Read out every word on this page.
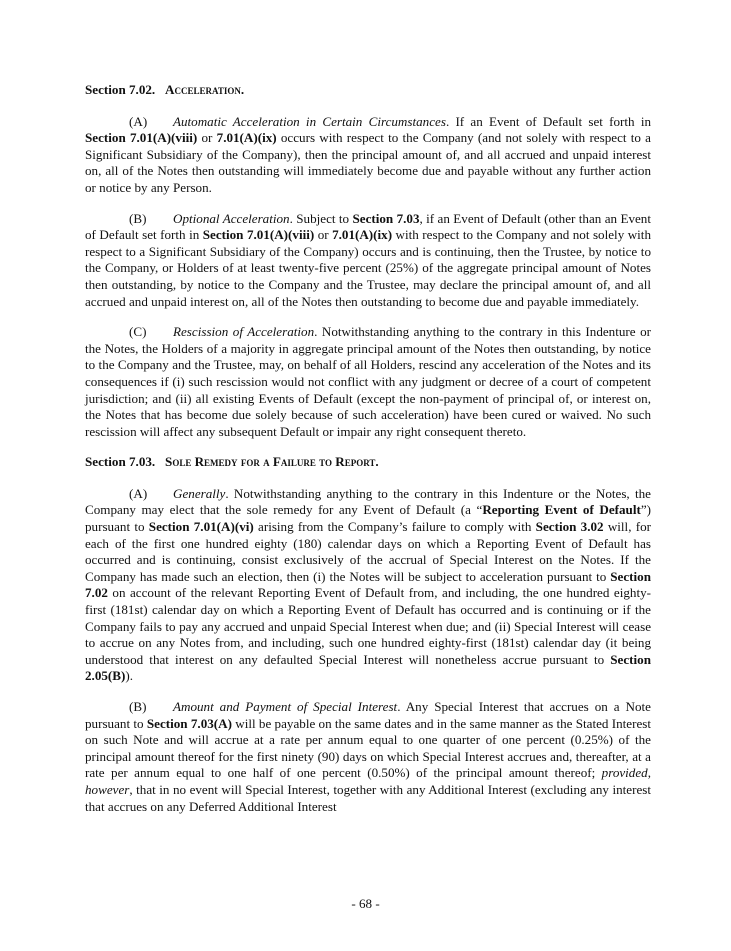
Section 7.02. Acceleration.

(A) Automatic Acceleration in Certain Circumstances. If an Event of Default set forth in Section 7.01(A)(viii) or 7.01(A)(ix) occurs with respect to the Company (and not solely with respect to a Significant Subsidiary of the Company), then the principal amount of, and all accrued and unpaid interest on, all of the Notes then outstanding will immediately become due and payable without any further action or notice by any Person.

(B) Optional Acceleration. Subject to Section 7.03, if an Event of Default (other than an Event of Default set forth in Section 7.01(A)(viii) or 7.01(A)(ix) with respect to the Company and not solely with respect to a Significant Subsidiary of the Company) occurs and is continuing, then the Trustee, by notice to the Company, or Holders of at least twenty-five percent (25%) of the aggregate principal amount of Notes then outstanding, by notice to the Company and the Trustee, may declare the principal amount of, and all accrued and unpaid interest on, all of the Notes then outstanding to become due and payable immediately.

(C) Rescission of Acceleration. Notwithstanding anything to the contrary in this Indenture or the Notes, the Holders of a majority in aggregate principal amount of the Notes then outstanding, by notice to the Company and the Trustee, may, on behalf of all Holders, rescind any acceleration of the Notes and its consequences if (i) such rescission would not conflict with any judgment or decree of a court of competent jurisdiction; and (ii) all existing Events of Default (except the non-payment of principal of, or interest on, the Notes that has become due solely because of such acceleration) have been cured or waived. No such rescission will affect any subsequent Default or impair any right consequent thereto.

Section 7.03. Sole Remedy for a Failure to Report.

(A) Generally. Notwithstanding anything to the contrary in this Indenture or the Notes, the Company may elect that the sole remedy for any Event of Default (a “Reporting Event of Default”) pursuant to Section 7.01(A)(vi) arising from the Company’s failure to comply with Section 3.02 will, for each of the first one hundred eighty (180) calendar days on which a Reporting Event of Default has occurred and is continuing, consist exclusively of the accrual of Special Interest on the Notes. If the Company has made such an election, then (i) the Notes will be subject to acceleration pursuant to Section 7.02 on account of the relevant Reporting Event of Default from, and including, the one hundred eighty-first (181st) calendar day on which a Reporting Event of Default has occurred and is continuing or if the Company fails to pay any accrued and unpaid Special Interest when due; and (ii) Special Interest will cease to accrue on any Notes from, and including, such one hundred eighty-first (181st) calendar day (it being understood that interest on any defaulted Special Interest will nonetheless accrue pursuant to Section 2.05(B)).

(B) Amount and Payment of Special Interest. Any Special Interest that accrues on a Note pursuant to Section 7.03(A) will be payable on the same dates and in the same manner as the Stated Interest on such Note and will accrue at a rate per annum equal to one quarter of one percent (0.25%) of the principal amount thereof for the first ninety (90) days on which Special Interest accrues and, thereafter, at a rate per annum equal to one half of one percent (0.50%) of the principal amount thereof; provided, however, that in no event will Special Interest, together with any Additional Interest (excluding any interest that accrues on any Deferred Additional Interest

- 68 -
